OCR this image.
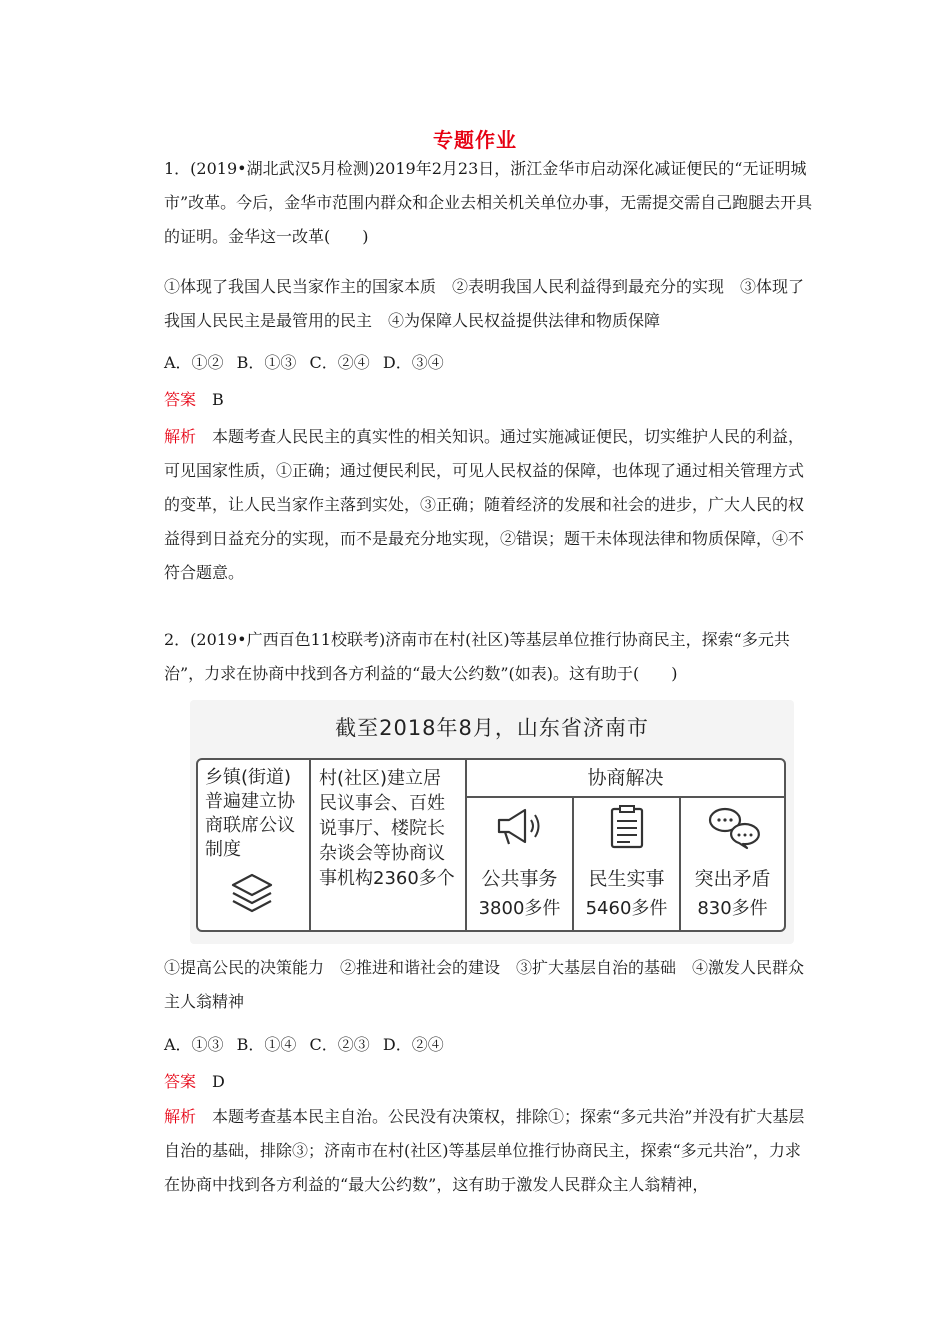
专题作业

1．(2019•湖北武汉5月检测)2019年2月23日，浙江金华市启动深化减证便民的“无证明城市”改革。今后，金华市范围内群众和企业去相关机关单位办事，无需提交需自己跑腿去开具的证明。金华这一改革(　　)

①体现了我国人民当家作主的国家本质　②表明我国人民利益得到最充分的实现　③体现了我国人民民主是最管用的民主　④为保障人民权益提供法律和物质保障

A．①② B．①③ C．②④ D．③④

答案 B

解析 本题考查人民民主的真实性的相关知识。通过实施减证便民，切实维护人民的利益，可见国家性质，①正确；通过便民利民，可见人民权益的保障，也体现了通过相关管理方式的变革，让人民当家作主落到实处，③正确；随着经济的发展和社会的进步，广大人民的权益得到日益充分的实现，而不是最充分地实现，②错误；题干未体现法律和物质保障，④不符合题意。

2．(2019•广西百色11校联考)济南市在村(社区)等基层单位推行协商民主，探索“多元共治”，力求在协商中找到各方利益的“最大公约数”(如表)。这有助于(　　)

截至2018年8月，山东省济南市
乡镇(街道)普遍建立协商联席公议制度
村(社区)建立居民议事会、百姓说事厅、楼院长杂谈会等协商议事机构2360多个
协商解决
公共事务
3800多件
民生实事
5460多件
突出矛盾
830多件

①提高公民的决策能力　②推进和谐社会的建设　③扩大基层自治的基础　④激发人民群众主人翁精神

A．①③ B．①④ C．②③ D．②④

答案 D

解析 本题考查基本民主自治。公民没有决策权，排除①；探索“多元共治”并没有扩大基层自治的基础，排除③；济南市在村(社区)等基层单位推行协商民主，探索“多元共治”，力求在协商中找到各方利益的“最大公约数”，这有助于激发人民群众主人翁精神，
